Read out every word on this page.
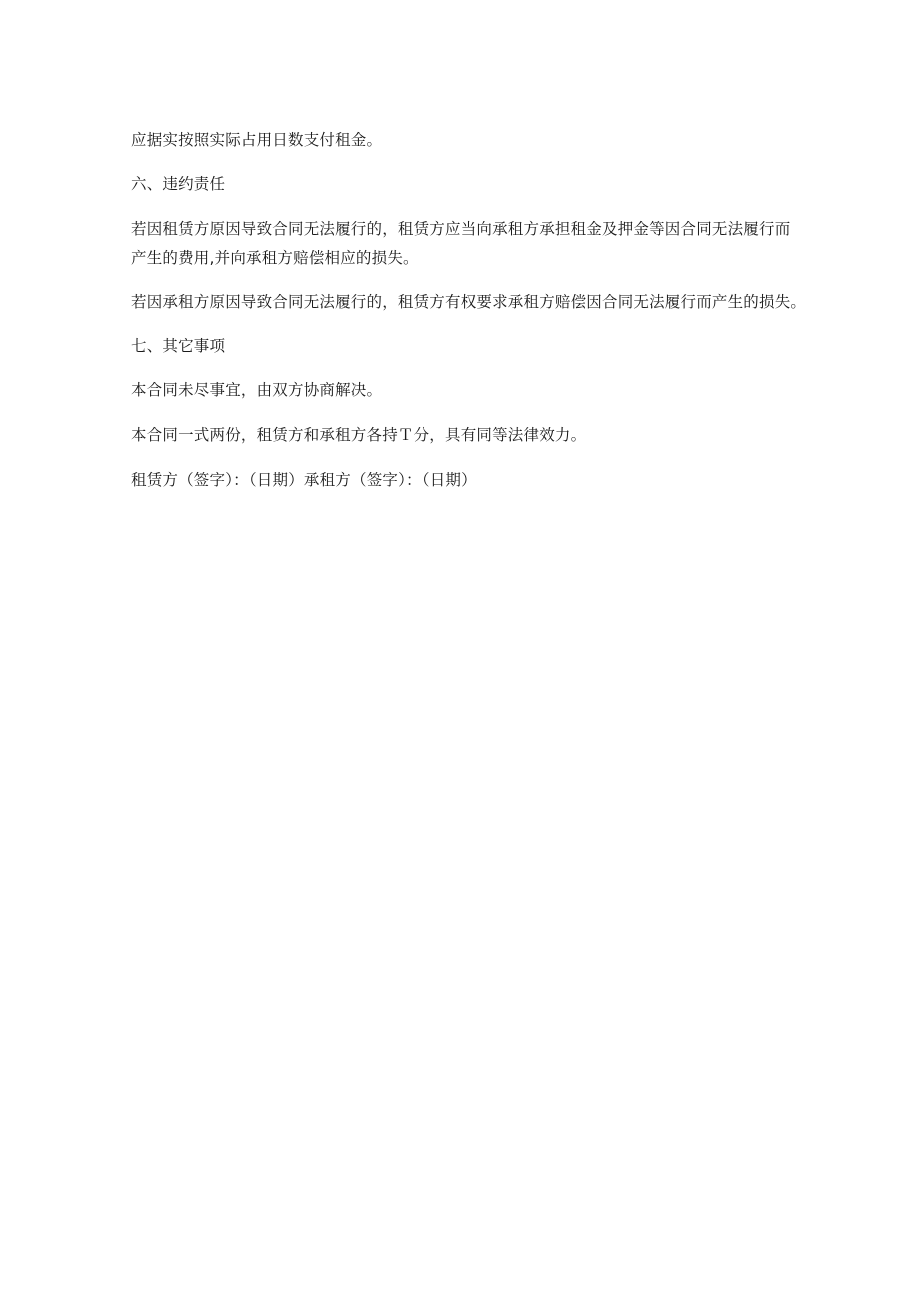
应据实按照实际占用日数支付租金。
六、违约责任
若因租赁方原因导致合同无法履行的，租赁方应当向承租方承担租金及押金等因合同无法履行而
产生的费用,并向承租方赔偿相应的损失。
若因承租方原因导致合同无法履行的，租赁方有权要求承租方赔偿因合同无法履行而产生的损失。
七、其它事项
本合同未尽事宜，由双方协商解决。
本合同一式两份，租赁方和承租方各持Ｔ分，具有同等法律效力。
租赁方（签字）：（日期）承租方（签字）：（日期）
